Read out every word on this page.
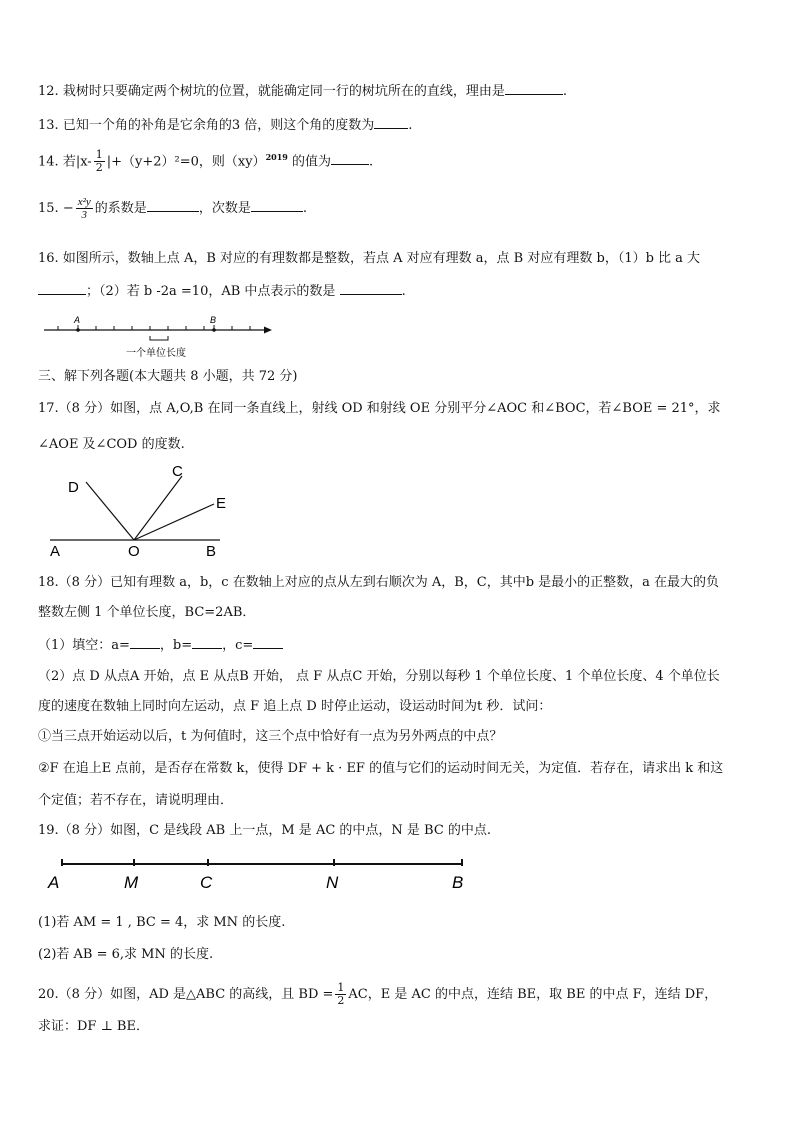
12. 栽树时只要确定两个树坑的位置，就能确定同一行的树坑所在的直线，理由是	.
13. 已知一个角的补角是它余角的3 倍，则这个角的度数为	.
14. 若$|x- \frac{1}{2} |+(y+2)^2=0$，则（xy）$^{2019}$ 的值为	.
15. − $\frac{\text{x²y}}{3}$ 的系数是	，次数是	.
16. 如图所示，数轴上点 A，B 对应的有理数都是整数，若点 A 对应有理数 a，点 B 对应有理数 b，（1）b 比 a 大
；（2）若 b -2a =10，AB 中点表示的数是	.
A	B
一个单位长度
三、解下列各题(本大题共 8 小题，共 72 分)
17.（8 分）如图，点 A,O,B 在同一条直线上，射线 OD 和射线 OE 分别平分∠AOC 和∠BOC，若∠BOE = 21°，求
∠AOE 及∠COD 的度数.
D
C
E
A	O	B
18.（8 分）已知有理数 a，b，c 在数轴上对应的点从左到右顺次为 A，B，C，其中b 是最小的正整数，a 在最大的负
整数左侧 1 个单位长度，BC=2AB．
（1）填空：a= ，b= ，c=
（2）点 D 从点A 开始，点 E 从点B 开始， 点 F 从点C 开始，分别以每秒 1 个单位长度、1 个单位长度、4 个单位长
度的速度在数轴上同时向左运动，点 F 追上点 D 时停止运动，设运动时间为t 秒．试问：
①当三点开始运动以后，t 为何值时，这三个点中恰好有一点为另外两点的中点？
②F 在追上E 点前，是否存在常数 k，使得 DF + k · EF 的值与它们的运动时间无关，为定值．若存在，请求出 k 和这
个定值；若不存在，请说明理由．
19.（8 分）如图，C 是线段 AB 上一点，M 是 AC 的中点，N 是 BC 的中点.
A	M	C	N	B
(1)若 AM = 1 , BC = 4，求 MN 的长度.
(2)若 AB = 6,求 MN 的长度.
20.（8 分）如图，AD 是△ABC 的高线，且 BD = $\frac{1}{2}$ AC，E 是 AC 的中点，连结 BE，取 BE 的中点 F，连结 DF，
求证：DF ⊥ BE．
